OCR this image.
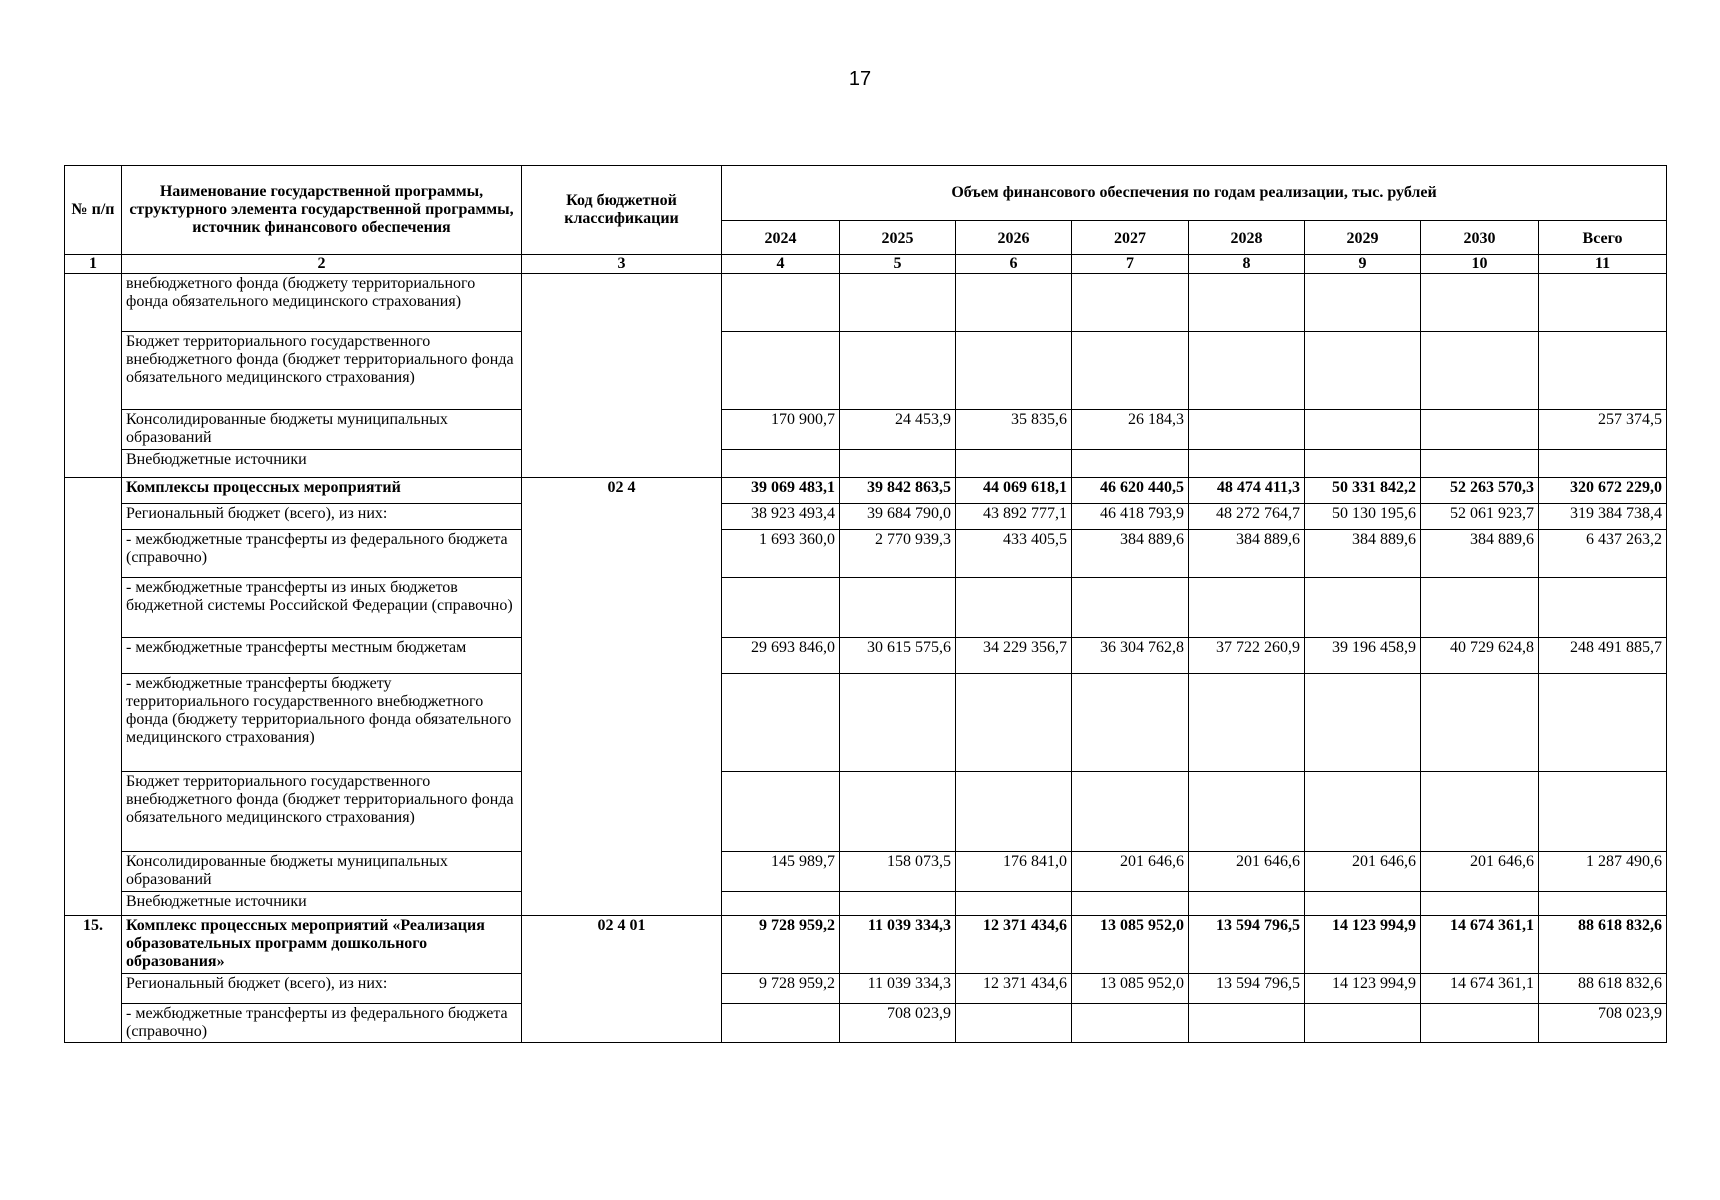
17
№ п/п	Наименование государственной программы, структурного элемента государственной программы, источник финансового обеспечения	Код бюджетной классификации	Объем финансового обеспечения по годам реализации, тыс. рублей							
			2024	2025	2026	2027	2028	2029	2030	Всего
1	2	3	4	5	6	7	8	9	10	11
	внебюджетного фонда (бюджету территориального фонда обязательного медицинского страхования)									
	Бюджет территориального государственного внебюджетного фонда (бюджет территориального фонда обязательного медицинского страхования)									
	Консолидированные бюджеты муниципальных образований		170 900,7	24 453,9	35 835,6	26 184,3				257 374,5
	Внебюджетные источники									
	Комплексы процессных мероприятий	02 4	39 069 483,1	39 842 863,5	44 069 618,1	46 620 440,5	48 474 411,3	50 331 842,2	52 263 570,3	320 672 229,0
	Региональный бюджет (всего), из них:		38 923 493,4	39 684 790,0	43 892 777,1	46 418 793,9	48 272 764,7	50 130 195,6	52 061 923,7	319 384 738,4
	- межбюджетные трансферты из федерального бюджета (справочно)		1 693 360,0	2 770 939,3	433 405,5	384 889,6	384 889,6	384 889,6	384 889,6	6 437 263,2
	- межбюджетные трансферты из иных бюджетов бюджетной системы Российской Федерации (справочно)									
	- межбюджетные трансферты местным бюджетам		29 693 846,0	30 615 575,6	34 229 356,7	36 304 762,8	37 722 260,9	39 196 458,9	40 729 624,8	248 491 885,7
	- межбюджетные трансферты бюджету территориального государственного внебюджетного фонда (бюджету территориального фонда обязательного медицинского страхования)									
	Бюджет территориального государственного внебюджетного фонда (бюджет территориального фонда обязательного медицинского страхования)									
	Консолидированные бюджеты муниципальных образований		145 989,7	158 073,5	176 841,0	201 646,6	201 646,6	201 646,6	201 646,6	1 287 490,6
	Внебюджетные источники									
15.	Комплекс процессных мероприятий «Реализация образовательных программ дошкольного образования»	02 4 01	9 728 959,2	11 039 334,3	12 371 434,6	13 085 952,0	13 594 796,5	14 123 994,9	14 674 361,1	88 618 832,6
	Региональный бюджет (всего), из них:		9 728 959,2	11 039 334,3	12 371 434,6	13 085 952,0	13 594 796,5	14 123 994,9	14 674 361,1	88 618 832,6
	- межбюджетные трансферты из федерального бюджета (справочно)			708 023,9						708 023,9
